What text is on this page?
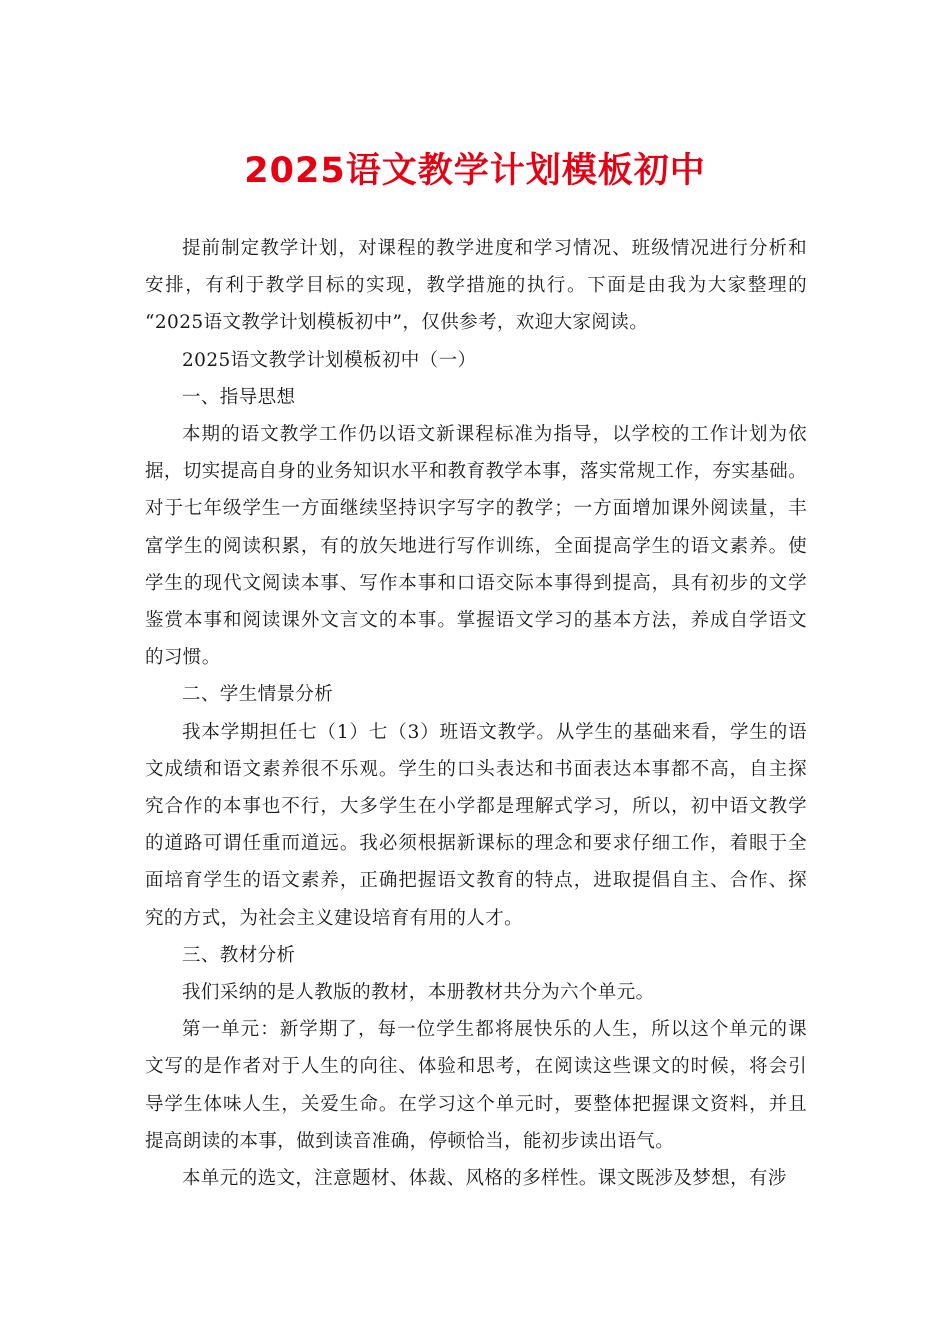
2025语文教学计划模板初中
提前制定教学计划，对课程的教学进度和学习情况、班级情况进行分析和
安排，有利于教学目标的实现，教学措施的执行。下面是由我为大家整理的
“2025语文教学计划模板初中”，仅供参考，欢迎大家阅读。
2025语文教学计划模板初中（一）
一、指导思想
本期的语文教学工作仍以语文新课程标准为指导，以学校的工作计划为依
据，切实提高自身的业务知识水平和教育教学本事，落实常规工作，夯实基础。
对于七年级学生一方面继续坚持识字写字的教学；一方面增加课外阅读量，丰
富学生的阅读积累，有的放矢地进行写作训练，全面提高学生的语文素养。使
学生的现代文阅读本事、写作本事和口语交际本事得到提高，具有初步的文学
鉴赏本事和阅读课外文言文的本事。掌握语文学习的基本方法，养成自学语文
的习惯。
二、学生情景分析
我本学期担任七（1）七（3）班语文教学。从学生的基础来看，学生的语
文成绩和语文素养很不乐观。学生的口头表达和书面表达本事都不高，自主探
究合作的本事也不行，大多学生在小学都是理解式学习，所以，初中语文教学
的道路可谓任重而道远。我必须根据新课标的理念和要求仔细工作，着眼于全
面培育学生的语文素养，正确把握语文教育的特点，进取提倡自主、合作、探
究的方式，为社会主义建设培育有用的人才。
三、教材分析
我们采纳的是人教版的教材，本册教材共分为六个单元。
第一单元：新学期了，每一位学生都将展快乐的人生，所以这个单元的课
文写的是作者对于人生的向往、体验和思考，在阅读这些课文的时候，将会引
导学生体味人生，关爱生命。在学习这个单元时，要整体把握课文资料，并且
提高朗读的本事，做到读音准确，停顿恰当，能初步读出语气。
本单元的选文，注意题材、体裁、风格的多样性。课文既涉及梦想，有涉
